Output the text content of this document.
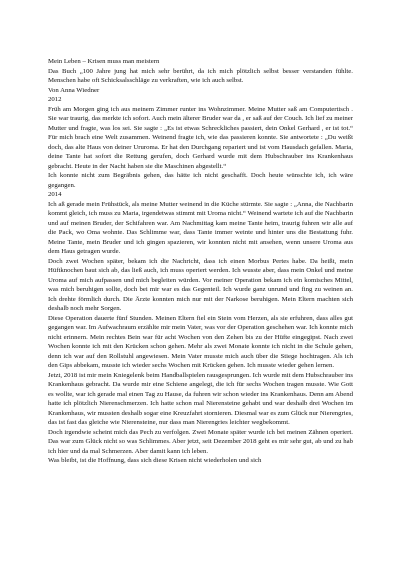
Mein Leben – Krisen muss man meistern

Das Buch „100 Jahre jung hat mich sehr berührt, da ich mich plötzlich selbst besser verstanden fühlte. Menschen habe oft Schicksalsschläge zu verkraften, wie ich auch selbst.

Von Anna Wiedner

2012

Früh am Morgen ging ich aus meinem Zimmer runter ins Wohnzimmer. Meine Mutter saß am Computertisch . Sie war traurig, das merkte ich sofort. Auch mein älterer Bruder war da , er saß auf der Couch. Ich lief zu meiner Mutter und fragte, was los sei. Sie sagte : „Es ist etwas Schreckliches passiert, dein Onkel Gerhard , er ist tot.“ Für mich brach eine Welt zusammen. Weinend fragte ich, wie das passieren konnte. Sie antwortete : „Du weißt doch, das alte Haus von deiner Ururoma. Er hat den Durchgang repariert und ist vom Hausdach gefallen. Maria, deine Tante hat sofort die Rettung gerufen, doch Gerhard wurde mit dem Hubschrauber ins Krankenhaus gebracht. Heute in der Nacht haben sie die Maschinen abgestellt.“

Ich konnte nicht zum Begräbnis gehen, das hätte ich nicht geschafft. Doch heute wünschte ich, ich wäre gegangen.

2014

Ich aß gerade mein Frühstück, als meine Mutter weinend in die Küche stürmte. Sie sagte : „Anna, die Nachbarin kommt gleich, ich muss zu Maria, irgendetwas stimmt mit Uroma nicht.“ Weinend wartete ich auf die Nachbarin und auf meinen Bruder, der Schifahren war. Am Nachmittag kam meine Tante heim, traurig fuhren wir alle auf die Pack, wo Oma wohnte. Das Schlimme war, dass Tante immer weinte und hinter uns die Bestattung fuhr. Meine Tante, mein Bruder und ich gingen spazieren, wir konnten nicht mit ansehen, wenn unsere Uroma aus dem Haus getragen wurde.

Doch zwei Wochen später, bekam ich die Nachricht, dass ich einen Morbus Pertes habe. Da heißt, mein Hüftknochen baut sich ab, das ließ auch, ich muss operiert werden. Ich wusste aber, dass mein Onkel und meine Uroma auf mich aufpassen und mich begleiten würden. Vor meiner Operation bekam ich ein komisches Mittel, was mich beruhigen sollte, doch bei mir war es das Gegenteil. Ich wurde ganz unrund und fing zu weinen an. Ich drehte förmlich durch. Die Ärzte konnten mich nur mit der Narkose beruhigen. Mein Eltern machten sich deshalb noch mehr Sorgen.

Diese Operation dauerte fünf Stunden. Meinen Eltern fiel ein Stein vom Herzen, als sie erfuhren, dass alles gut gegangen war. Im Aufwachraum erzählte mir mein Vater, was vor der Operation geschehen war. Ich konnte mich nicht erinnern. Mein rechtes Bein war für acht Wochen von den Zehen bis zu der Hüfte eingegipst. Nach zwei Wochen konnte ich mit den Krücken schon gehen. Mehr als zwei Monate konnte ich nicht in die Schule gehen, denn ich war auf den Rollstuhl angewiesen. Mein Vater musste mich auch über die Stiege hochtragen. Als ich den Gips abbekam, musste ich wieder sechs Wochen mit Krücken gehen. Ich musste wieder gehen lernen.

Jetzt, 2018 ist mir mein Kniegelenk beim Handballspielen rausgesprungen. Ich wurde mit dem Hubschrauber ins Krankenhaus gebracht. Da wurde mir eine Schiene angelegt, die ich für sechs Wochen tragen musste. Wie Gott es wollte, war ich gerade mal einen Tag zu Hause, da fuhren wir schon wieder ins Krankenhaus. Denn am Abend hatte ich plötzlich Nierenschmerzen. Ich hatte schon mal Nierensteine gehabt und war deshalb drei Wochen im Krankenhaus, wir mussten deshalb sogar eine Kreuzfahrt stornieren. Diesmal war es zum Glück nur Nierengries, das ist fast das gleiche wie Nierensteine, nur dass man Nierengries leichter wegbekommt.

Doch irgendwie scheint mich das Pech zu verfolgen. Zwei Monate später wurde ich bei meinen Zähnen operiert. Das war zum Glück nicht so was Schlimmes. Aber jetzt, seit Dezember 2018 geht es mir sehr gut, ab und zu hab ich hier und da mal Schmerzen. Aber damit kann ich leben.

Was bleibt, ist die Hoffnung, dass sich diese Krisen nicht wiederholen und sich
